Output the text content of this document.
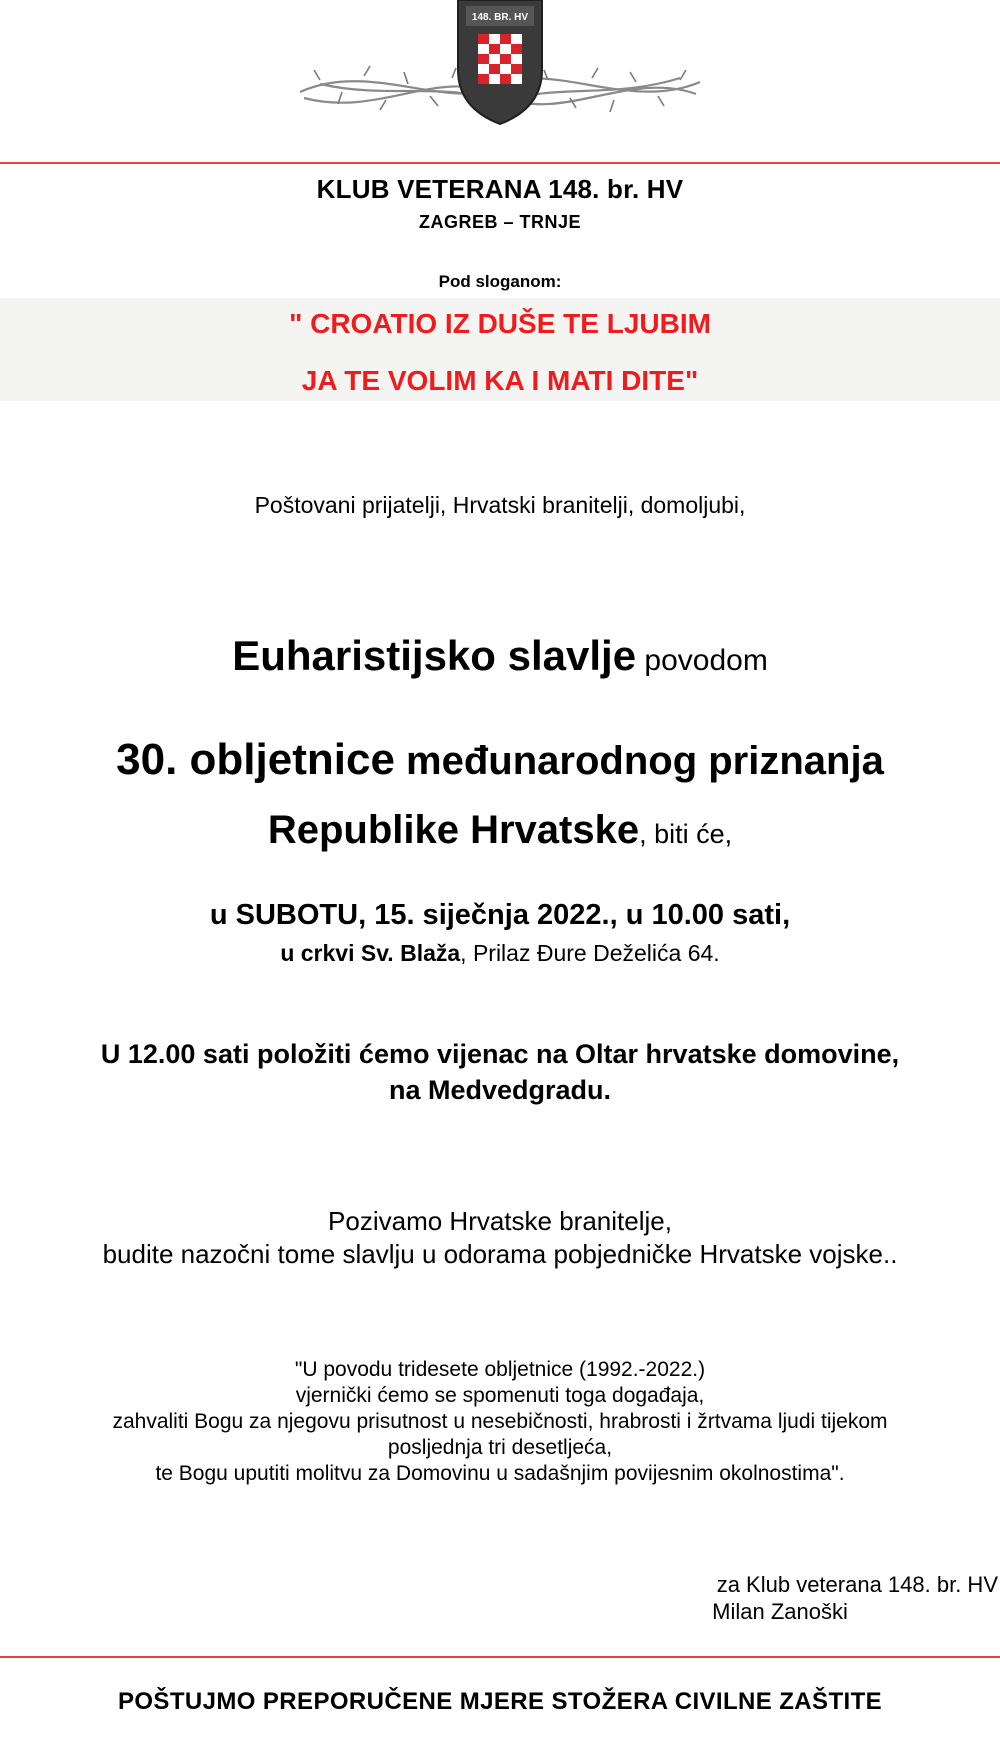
148. BR. HV
KLUB VETERANA 148. br. HV
ZAGREB – TRNJE
Pod sloganom:
" CROATIO IZ DUŠE TE LJUBIM
JA TE VOLIM KA I MATI DITE"
Poštovani prijatelji, Hrvatski branitelji, domoljubi,
Euharistijsko slavlje povodom
30. obljetnice međunarodnog priznanja
Republike Hrvatske, biti će,
u SUBOTU, 15. siječnja 2022., u 10.00 sati,
u crkvi Sv. Blaža, Prilaz Đure Deželića 64.
U 12.00 sati položiti ćemo vijenac na Oltar hrvatske domovine,
na Medvedgradu.
Pozivamo Hrvatske branitelje,
budite nazočni tome slavlju u odorama pobjedničke Hrvatske vojske..
"U povodu tridesete obljetnice (1992.-2022.)
vjernički ćemo se spomenuti toga događaja,
zahvaliti Bogu za njegovu prisutnost u nesebičnosti, hrabrosti i žrtvama ljudi tijekom
posljednja tri desetljeća,
te Bogu uputiti molitvu za Domovinu u sadašnjim povijesnim okolnostima".
za Klub veterana 148. br. HV
Milan Zanoški
POŠTUJMO PREPORUČENE MJERE STOŽERA CIVILNE ZAŠTITE
